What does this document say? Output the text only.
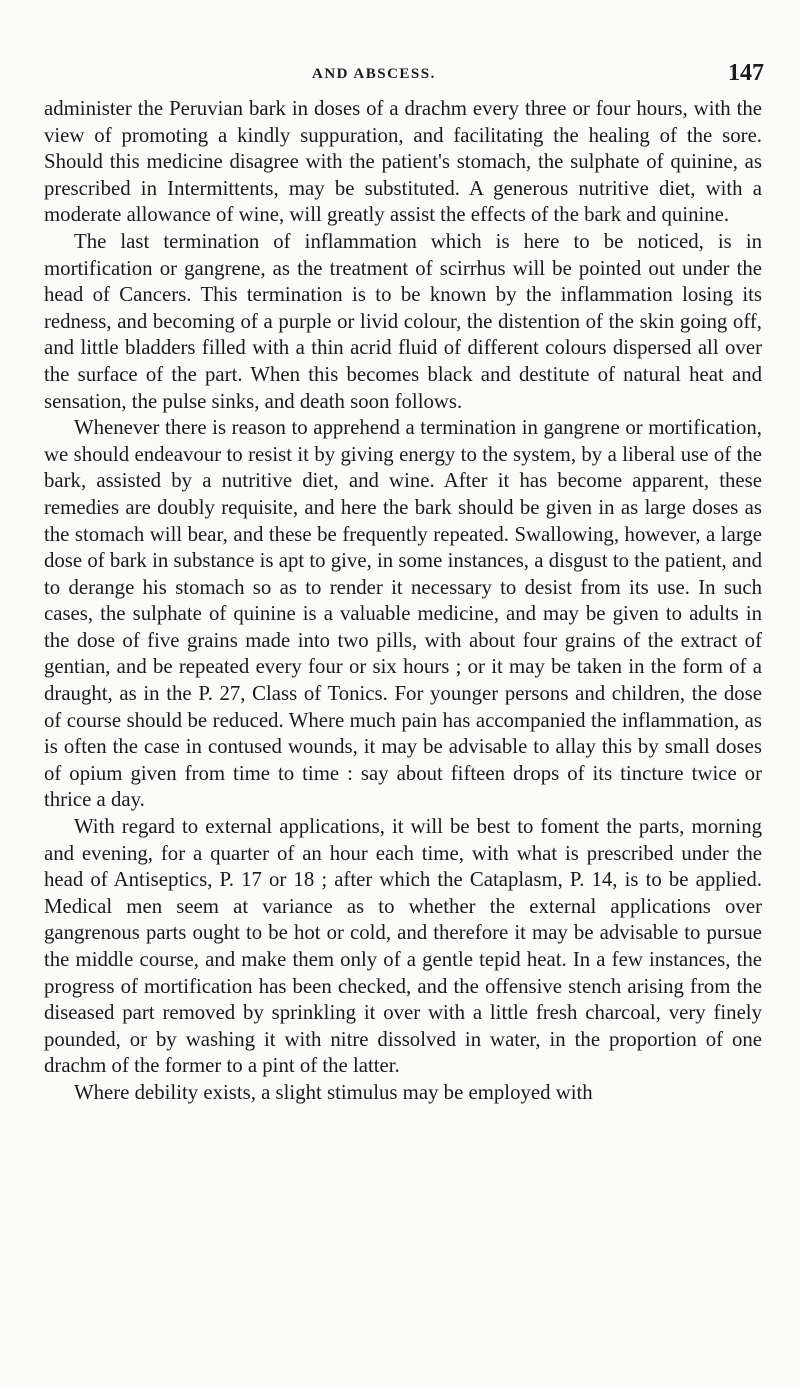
AND ABSCESS.	147

administer the Peruvian bark in doses of a drachm every three or four hours, with the view of promoting a kindly suppuration, and facilitating the healing of the sore. Should this medicine disagree with the patient's stomach, the sulphate of quinine, as prescribed in Intermittents, may be substituted. A generous nutritive diet, with a moderate allowance of wine, will greatly assist the effects of the bark and quinine.

The last termination of inflammation which is here to be noticed, is in mortification or gangrene, as the treatment of scirrhus will be pointed out under the head of Cancers. This termination is to be known by the inflammation losing its redness, and becoming of a purple or livid colour, the distention of the skin going off, and little bladders filled with a thin acrid fluid of different colours dispersed all over the surface of the part. When this becomes black and destitute of natural heat and sensation, the pulse sinks, and death soon follows.

Whenever there is reason to apprehend a termination in gangrene or mortification, we should endeavour to resist it by giving energy to the system, by a liberal use of the bark, assisted by a nutritive diet, and wine. After it has become apparent, these remedies are doubly requisite, and here the bark should be given in as large doses as the stomach will bear, and these be frequently repeated. Swallowing, however, a large dose of bark in substance is apt to give, in some instances, a disgust to the patient, and to derange his stomach so as to render it necessary to desist from its use. In such cases, the sulphate of quinine is a valuable medicine, and may be given to adults in the dose of five grains made into two pills, with about four grains of the extract of gentian, and be repeated every four or six hours ; or it may be taken in the form of a draught, as in the P. 27, Class of Tonics. For younger persons and children, the dose of course should be reduced. Where much pain has accompanied the inflammation, as is often the case in contused wounds, it may be advisable to allay this by small doses of opium given from time to time : say about fifteen drops of its tincture twice or thrice a day.

With regard to external applications, it will be best to foment the parts, morning and evening, for a quarter of an hour each time, with what is prescribed under the head of Antiseptics, P. 17 or 18 ; after which the Cataplasm, P. 14, is to be applied. Medical men seem at variance as to whether the external applications over gangrenous parts ought to be hot or cold, and therefore it may be advisable to pursue the middle course, and make them only of a gentle tepid heat. In a few instances, the progress of mortification has been checked, and the offensive stench arising from the diseased part removed by sprinkling it over with a little fresh charcoal, very finely pounded, or by washing it with nitre dissolved in water, in the proportion of one drachm of the former to a pint of the latter.

Where debility exists, a slight stimulus may be employed with
